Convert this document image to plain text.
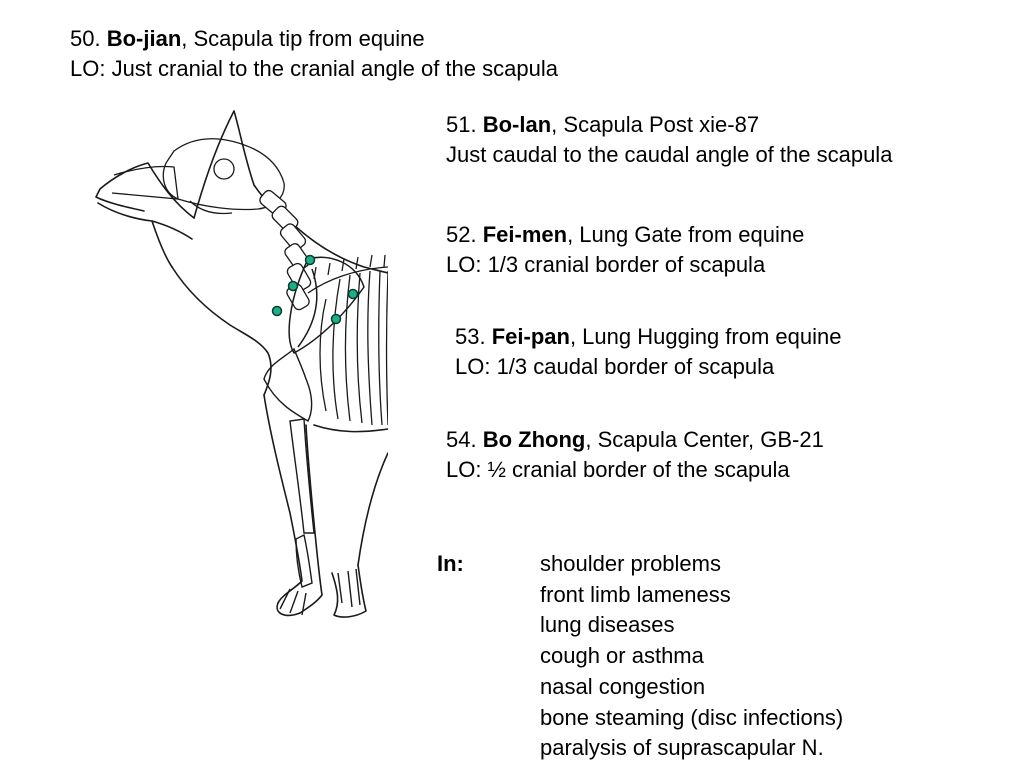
50. Bo-jian, Scapula tip from equine
LO: Just cranial to the cranial angle of the scapula
51. Bo-lan, Scapula Post xie-87
Just caudal to the caudal angle of the scapula
52. Fei-men, Lung Gate from equine
LO: 1/3 cranial border of scapula
53. Fei-pan, Lung Hugging from equine
LO: 1/3 caudal border of scapula
54. Bo Zhong, Scapula Center, GB-21
LO: ½ cranial border of the scapula
In:	shoulder problems
front limb lameness
lung diseases
cough or asthma
nasal congestion
bone steaming (disc infections)
paralysis of suprascapular N.
